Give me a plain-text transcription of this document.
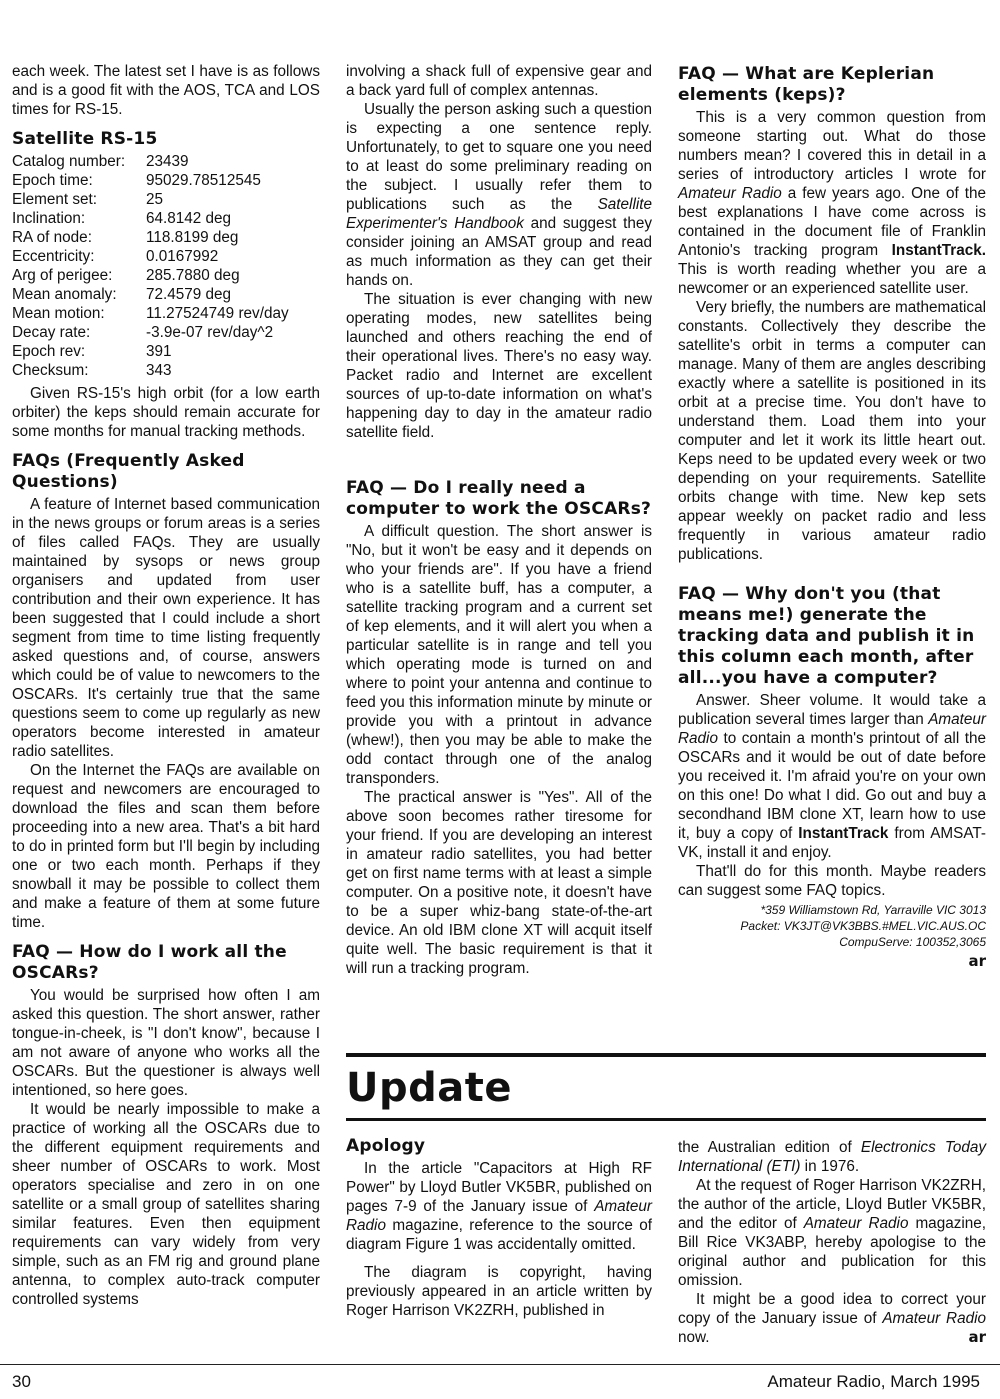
each week. The latest set I have is as follows and is a good fit with the AOS, TCA and LOS times for RS-15.

Satellite RS-15
Catalog number:	23439
Epoch time:	95029.78512545
Element set:	25
Inclination:	64.8142 deg
RA of node:	118.8199 deg
Eccentricity:	0.0167992
Arg of perigee:	285.7880 deg
Mean anomaly:	72.4579 deg
Mean motion:	11.27524749 rev/day
Decay rate:	-3.9e-07 rev/day^2
Epoch rev:	391
Checksum:	343

Given RS-15's high orbit (for a low earth orbiter) the keps should remain accurate for some months for manual tracking methods.

FAQs (Frequently Asked Questions)

A feature of Internet based communication in the news groups or forum areas is a series of files called FAQs. They are usually maintained by sysops or news group organisers and updated from user contribution and their own experience. It has been suggested that I could include a short segment from time to time listing frequently asked questions and, of course, answers which could be of value to newcomers to the OSCARs. It's certainly true that the same questions seem to come up regularly as new operators become interested in amateur radio satellites.

On the Internet the FAQs are available on request and newcomers are encouraged to download the files and scan them before proceeding into a new area. That's a bit hard to do in printed form but I'll begin by including one or two each month. Perhaps if they snowball it may be possible to collect them and make a feature of them at some future time.

FAQ — How do I work all the OSCARs?

You would be surprised how often I am asked this question. The short answer, rather tongue-in-cheek, is "I don't know", because I am not aware of anyone who works all the OSCARs. But the questioner is always well intentioned, so here goes.

It would be nearly impossible to make a practice of working all the OSCARs due to the different equipment requirements and sheer number of OSCARs to work. Most operators specialise and zero in on one satellite or a small group of satellites sharing similar features. Even then equipment requirements can vary widely from very simple, such as an FM rig and ground plane antenna, to complex auto-track computer controlled systems

involving a shack full of expensive gear and a back yard full of complex antennas.

Usually the person asking such a question is expecting a one sentence reply. Unfortunately, to get to square one you need to at least do some preliminary reading on the subject. I usually refer them to publications such as the Satellite Experimenter's Handbook and suggest they consider joining an AMSAT group and read as much information as they can get their hands on.

The situation is ever changing with new operating modes, new satellites being launched and others reaching the end of their operational lives. There's no easy way. Packet radio and Internet are excellent sources of up-to-date information on what's happening day to day in the amateur radio satellite field.

FAQ — Do I really need a computer to work the OSCARs?

A difficult question. The short answer is "No, but it won't be easy and it depends on who your friends are". If you have a friend who is a satellite buff, has a computer, a satellite tracking program and a current set of kep elements, and it will alert you when a particular satellite is in range and tell you which operating mode is turned on and where to point your antenna and continue to feed you this information minute by minute or provide you with a printout in advance (whew!), then you may be able to make the odd contact through one of the analog transponders.

The practical answer is "Yes". All of the above soon becomes rather tiresome for your friend. If you are developing an interest in amateur radio satellites, you had better get on first name terms with at least a simple computer. On a positive note, it doesn't have to be a super whiz-bang state-of-the-art device. An old IBM clone XT will acquit itself quite well. The basic requirement is that it will run a tracking program.

FAQ — What are Keplerian elements (keps)?

This is a very common question from someone starting out. What do those numbers mean? I covered this in detail in a series of introductory articles I wrote for Amateur Radio a few years ago. One of the best explanations I have come across is contained in the document file of Franklin Antonio's tracking program InstantTrack. This is worth reading whether you are a newcomer or an experienced satellite user.

Very briefly, the numbers are mathematical constants. Collectively they describe the satellite's orbit in terms a computer can manage. Many of them are angles describing exactly where a satellite is positioned in its orbit at a precise time. You don't have to understand them. Load them into your computer and let it work its little heart out. Keps need to be updated every week or two depending on your requirements. Satellite orbits change with time. New kep sets appear weekly on packet radio and less frequently in various amateur radio publications.

FAQ — Why don't you (that means me!) generate the tracking data and publish it in this column each month, after all...you have a computer?

Answer. Sheer volume. It would take a publication several times larger than Amateur Radio to contain a month's printout of all the OSCARs and it would be out of date before you received it. I'm afraid you're on your own on this one! Do what I did. Go out and buy a secondhand IBM clone XT, learn how to use it, buy a copy of InstantTrack from AMSAT-VK, install it and enjoy.

That'll do for this month. Maybe readers can suggest some FAQ topics.

*359 Williamstown Rd, Yarraville VIC 3013
Packet: VK3JT@VK3BBS.#MEL.VIC.AUS.OC
CompuServe: 100352,3065
ar
Update
Apology

In the article "Capacitors at High RF Power" by Lloyd Butler VK5BR, published on pages 7-9 of the January issue of Amateur Radio magazine, reference to the source of diagram Figure 1 was accidentally omitted.

The diagram is copyright, having previously appeared in an article written by Roger Harrison VK2ZRH, published in

the Australian edition of Electronics Today International (ETI) in 1976.

At the request of Roger Harrison VK2ZRH, the author of the article, Lloyd Butler VK5BR, and the editor of Amateur Radio magazine, Bill Rice VK3ABP, hereby apologise to the original author and publication for this omission.

It might be a good idea to correct your copy of the January issue of Amateur Radio now.	ar
30	Amateur Radio, March 1995
